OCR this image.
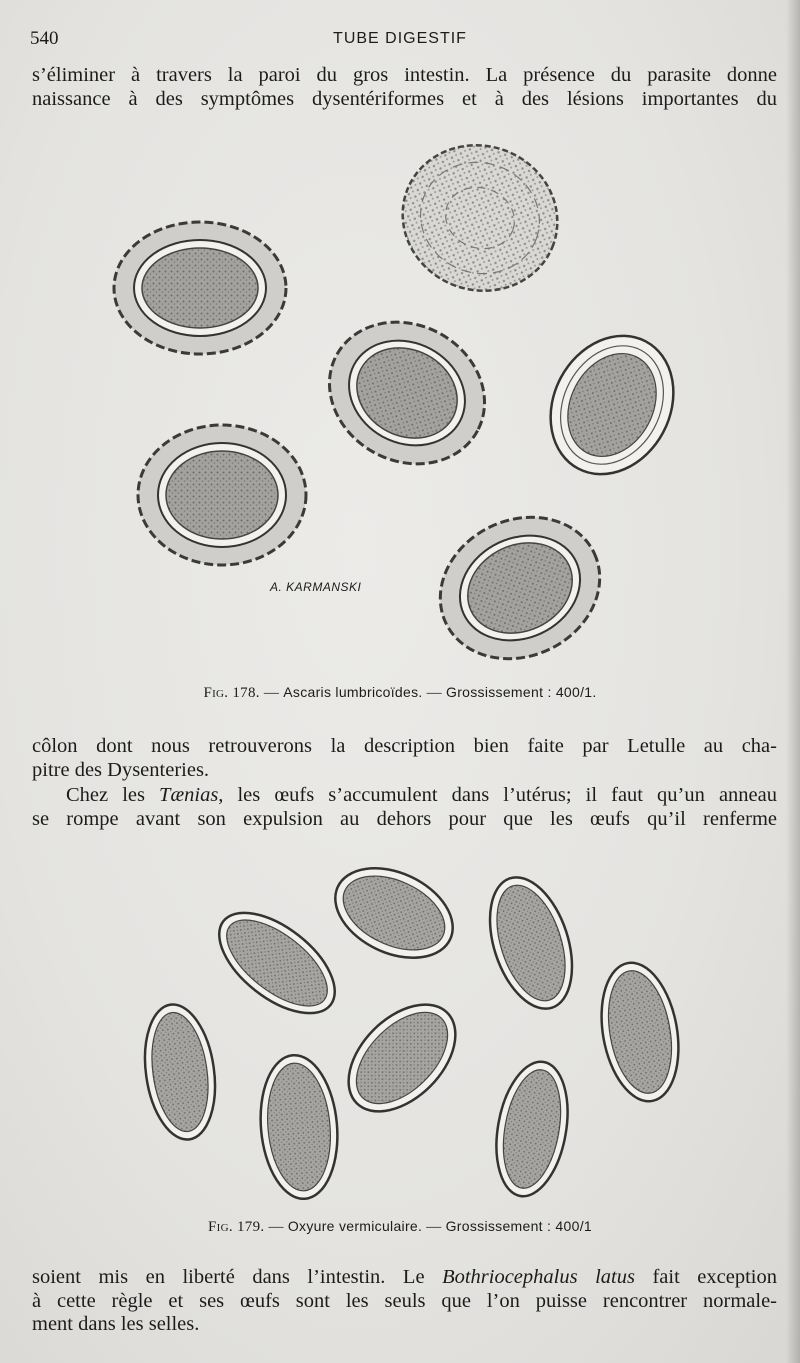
540	TUBE DIGESTIF
s’éliminer à travers la paroi du gros intestin. La présence du parasite donne
naissance à des symptômes dysentériformes et à des lésions importantes du
A. KARMANSKI
Fig. 178. — Ascaris lumbricoïdes. — Grossissement : 400/1.
côlon dont nous retrouverons la description bien faite par Letulle au cha-
pitre des Dysenteries.
Chez les Tænias, les œufs s’accumulent dans l’utérus; il faut qu’un anneau
se rompe avant son expulsion au dehors pour que les œufs qu’il renferme
Fig. 179. — Oxyure vermiculaire. — Grossissement : 400/1
soient mis en liberté dans l’intestin. Le Bothriocephalus latus fait exception
à cette règle et ses œufs sont les seuls que l’on puisse rencontrer normale-
ment dans les selles.
